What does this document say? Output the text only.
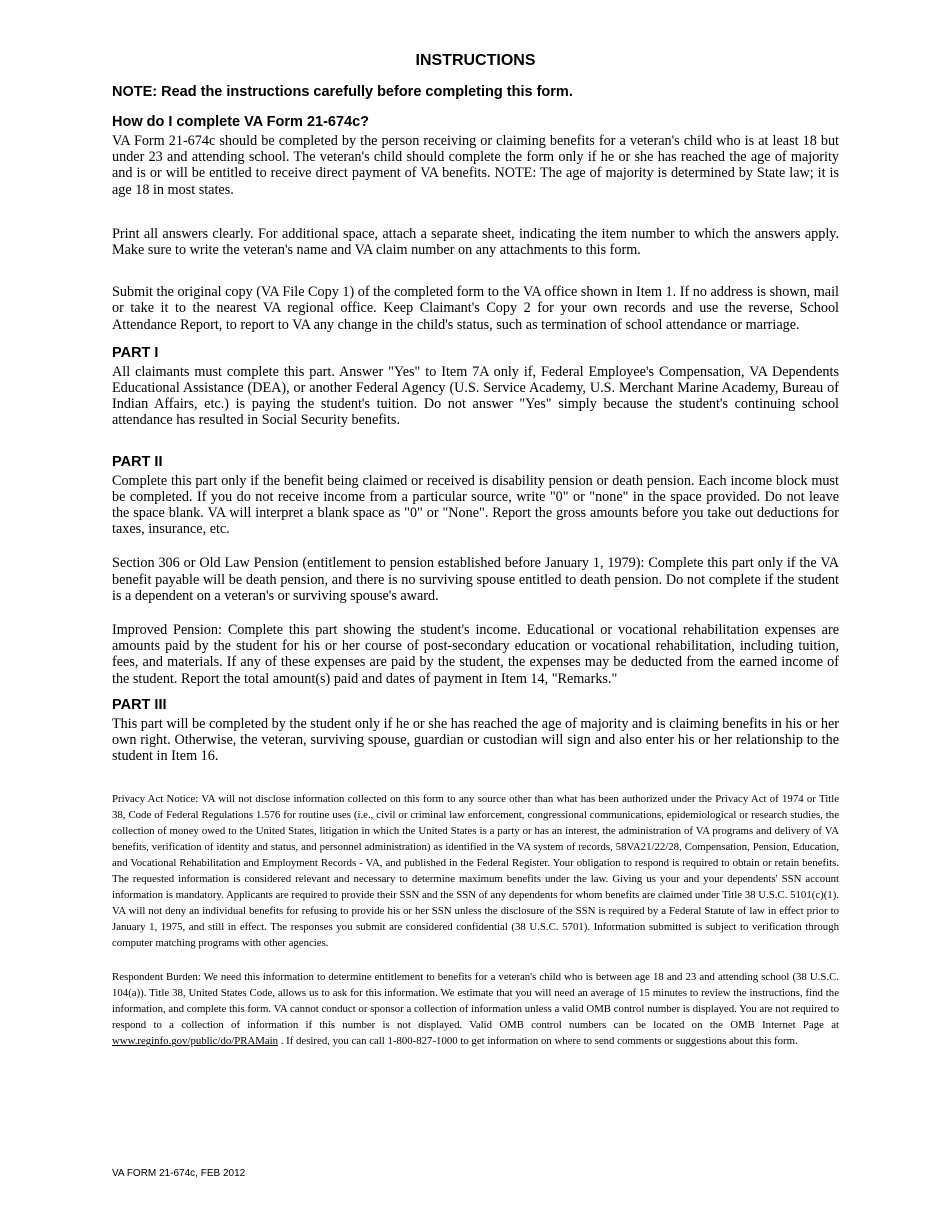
INSTRUCTIONS

NOTE: Read the instructions carefully before completing this form.

How do I complete VA Form 21-674c?

VA Form 21-674c should be completed by the person receiving or claiming benefits for a veteran's child who is at least 18 but under 23 and attending school. The veteran's child should complete the form only if he or she has reached the age of majority and is or will be entitled to receive direct payment of VA benefits. NOTE: The age of majority is determined by State law; it is age 18 in most states.

Print all answers clearly. For additional space, attach a separate sheet, indicating the item number to which the answers apply. Make sure to write the veteran's name and VA claim number on any attachments to this form.

Submit the original copy (VA File Copy 1) of the completed form to the VA office shown in Item 1. If no address is shown, mail or take it to the nearest VA regional office. Keep Claimant's Copy 2 for your own records and use the reverse, School Attendance Report, to report to VA any change in the child's status, such as termination of school attendance or marriage.

PART I

All claimants must complete this part. Answer "Yes" to Item 7A only if, Federal Employee's Compensation, VA Dependents Educational Assistance (DEA), or another Federal Agency (U.S. Service Academy, U.S. Merchant Marine Academy, Bureau of Indian Affairs, etc.) is paying the student's tuition. Do not answer "Yes" simply because the student's continuing school attendance has resulted in Social Security benefits.

PART II

Complete this part only if the benefit being claimed or received is disability pension or death pension. Each income block must be completed. If you do not receive income from a particular source, write "0" or "none" in the space provided. Do not leave the space blank. VA will interpret a blank space as "0" or "None". Report the gross amounts before you take out deductions for taxes, insurance, etc.

Section 306 or Old Law Pension (entitlement to pension established before January 1, 1979): Complete this part only if the VA benefit payable will be death pension, and there is no surviving spouse entitled to death pension. Do not complete if the student is a dependent on a veteran's or surviving spouse's award.

Improved Pension: Complete this part showing the student's income. Educational or vocational rehabilitation expenses are amounts paid by the student for his or her course of post-secondary education or vocational rehabilitation, including tuition, fees, and materials. If any of these expenses are paid by the student, the expenses may be deducted from the earned income of the student. Report the total amount(s) paid and dates of payment in Item 14, "Remarks."

PART III

This part will be completed by the student only if he or she has reached the age of majority and is claiming benefits in his or her own right. Otherwise, the veteran, surviving spouse, guardian or custodian will sign and also enter his or her relationship to the student in Item 16.

Privacy Act Notice: VA will not disclose information collected on this form to any source other than what has been authorized under the Privacy Act of 1974 or Title 38, Code of Federal Regulations 1.576 for routine uses (i.e., civil or criminal law enforcement, congressional communications, epidemiological or research studies, the collection of money owed to the United States, litigation in which the United States is a party or has an interest, the administration of VA programs and delivery of VA benefits, verification of identity and status, and personnel administration) as identified in the VA system of records, 58VA21/22/28, Compensation, Pension, Education, and Vocational Rehabilitation and Employment Records - VA, and published in the Federal Register. Your obligation to respond is required to obtain or retain benefits. The requested information is considered relevant and necessary to determine maximum benefits under the law. Giving us your and your dependents' SSN account information is mandatory. Applicants are required to provide their SSN and the SSN of any dependents for whom benefits are claimed under Title 38 U.S.C. 5101(c)(1). VA will not deny an individual benefits for refusing to provide his or her SSN unless the disclosure of the SSN is required by a Federal Statute of law in effect prior to January 1, 1975, and still in effect. The responses you submit are considered confidential (38 U.S.C. 5701). Information submitted is subject to verification through computer matching programs with other agencies.

Respondent Burden: We need this information to determine entitlement to benefits for a veteran's child who is between age 18 and 23 and attending school (38 U.S.C. 104(a)). Title 38, United States Code, allows us to ask for this information. We estimate that you will need an average of 15 minutes to review the instructions, find the information, and complete this form. VA cannot conduct or sponsor a collection of information unless a valid OMB control number is displayed. You are not required to respond to a collection of information if this number is not displayed. Valid OMB control numbers can be located on the OMB Internet Page at www.reginfo.gov/public/do/PRAMain . If desired, you can call 1-800-827-1000 to get information on where to send comments or suggestions about this form.

VA FORM 21-674c, FEB 2012
